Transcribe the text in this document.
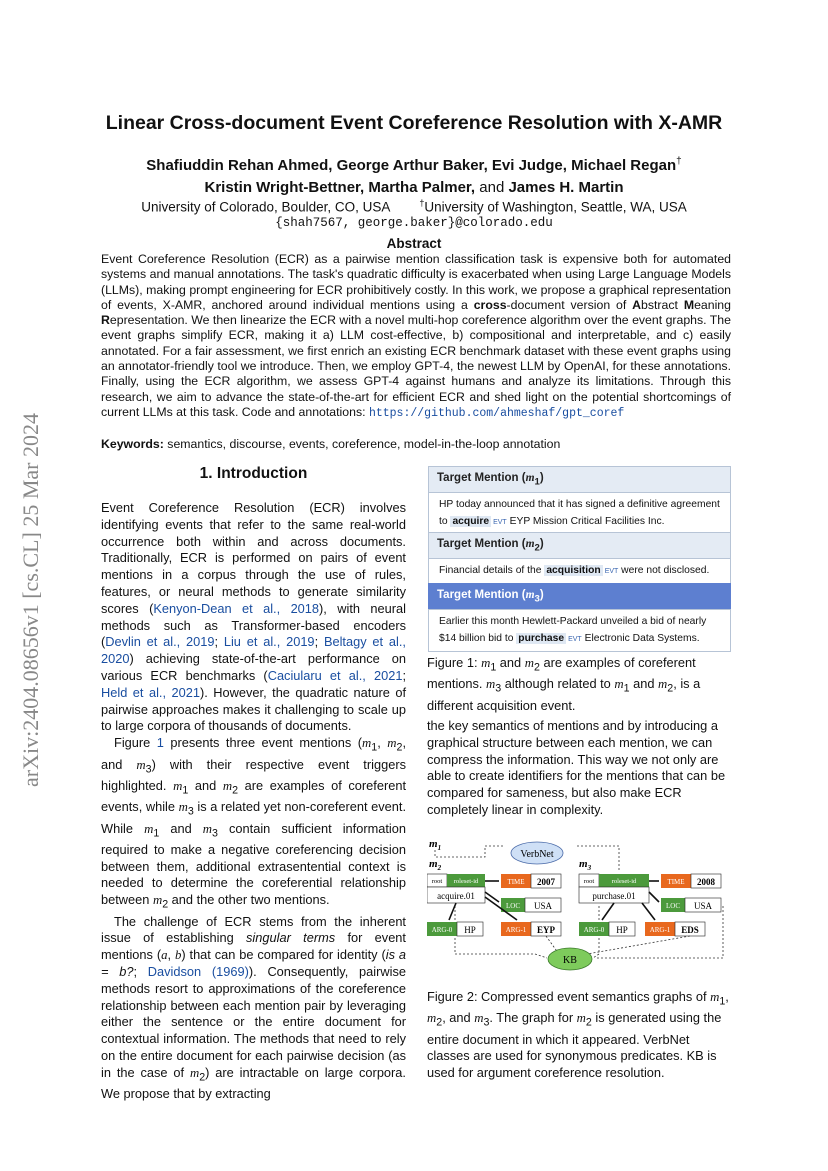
arXiv:2404.08656v1 [cs.CL] 25 Mar 2024
Linear Cross-document Event Coreference Resolution with X-AMR
Shafiuddin Rehan Ahmed, George Arthur Baker, Evi Judge, Michael Regan†
Kristin Wright-Bettner, Martha Palmer, and James H. Martin
University of Colorado, Boulder, CO, USA	†University of Washington, Seattle, WA, USA
{shah7567, george.baker}@colorado.edu
Abstract
Event Coreference Resolution (ECR) as a pairwise mention classification task is expensive both for automated systems and manual annotations. The task's quadratic difficulty is exacerbated when using Large Language Models (LLMs), making prompt engineering for ECR prohibitively costly. In this work, we propose a graphical representation of events, X-AMR, anchored around individual mentions using a cross-document version of Abstract Meaning Representation. We then linearize the ECR with a novel multi-hop coreference algorithm over the event graphs. The event graphs simplify ECR, making it a) LLM cost-effective, b) compositional and interpretable, and c) easily annotated. For a fair assessment, we first enrich an existing ECR benchmark dataset with these event graphs using an annotator-friendly tool we introduce. Then, we employ GPT-4, the newest LLM by OpenAI, for these annotations. Finally, using the ECR algorithm, we assess GPT-4 against humans and analyze its limitations. Through this research, we aim to advance the state-of-the-art for efficient ECR and shed light on the potential shortcomings of current LLMs at this task. Code and annotations: https://github.com/ahmeshaf/gpt_coref
Keywords: semantics, discourse, events, coreference, model-in-the-loop annotation
1. Introduction

Event Coreference Resolution (ECR) involves identifying events that refer to the same real-world occurrence both within and across documents. Traditionally, ECR is performed on pairs of event mentions in a corpus through the use of rules, features, or neural methods to generate similarity scores (Kenyon-Dean et al., 2018), with neural methods such as Transformer-based encoders (Devlin et al., 2019; Liu et al., 2019; Beltagy et al., 2020) achieving state-of-the-art performance on various ECR benchmarks (Caciularu et al., 2021; Held et al., 2021). However, the quadratic nature of pairwise approaches makes it challenging to scale up to large corpora of thousands of documents.

Figure 1 presents three event mentions ($m_1$, $m_2$, and $m_3$) with their respective event triggers highlighted. $m_1$ and $m_2$ are examples of coreferent events, while $m_3$ is a related yet non-coreferent event. While $m_1$ and $m_3$ contain sufficient information required to make a negative coreferencing decision between them, additional extrasentential context is needed to determine the coreferential relationship between $m_2$ and the other two mentions.

The challenge of ECR stems from the inherent issue of establishing singular terms for event mentions (a, b) that can be compared for identity (is a = b?; Davidson (1969)). Consequently, pairwise methods resort to approximations of the coreference relationship between each mention pair by leveraging either the sentence or the entire document for contextual information. The methods that need to rely on the entire document for each pairwise decision (as in the case of $m_2$) are intractable on large corpora. We propose that by extracting

Target Mention $(m_1)$
HP today announced that it has signed a definitive agreement to acquire EVT EYP Mission Critical Facilities Inc.
Target Mention $(m_2)$
Financial details of the acquisition EVT were not disclosed.
Target Mention $(m_3)$
Earlier this month Hewlett-Packard unveiled a bid of nearly $14 billion bid to purchase EVT Electronic Data Systems.
Figure 1: $m_1$ and $m_2$ are examples of coreferent mentions. $m_3$ although related to $m_1$ and $m_2$, is a different acquisition event.
the key semantics of mentions and by introducing a graphical structure between each mention, we can compress the information. This way we not only are able to create identifiers for the mentions that can be compared for sameness, but also make ECR completely linear in complexity.
$m_1$
$m_2$	$m_3$
VerbNet
root roleset-id
acquire.01
TIME 2007
LOC USA
ARG-0 HP	ARG-1 EYP
root	roleset-id
purchase.01
TIME 2008
LOC USA
ARG-0 HP	ARG-1 EDS
KB
Figure 2: Compressed event semantics graphs of $m_1$, $m_2$, and $m_3$. The graph for $m_2$ is generated using the entire document in which it appeared. VerbNet classes are used for synonymous predicates. KB is used for argument coreference resolution.
